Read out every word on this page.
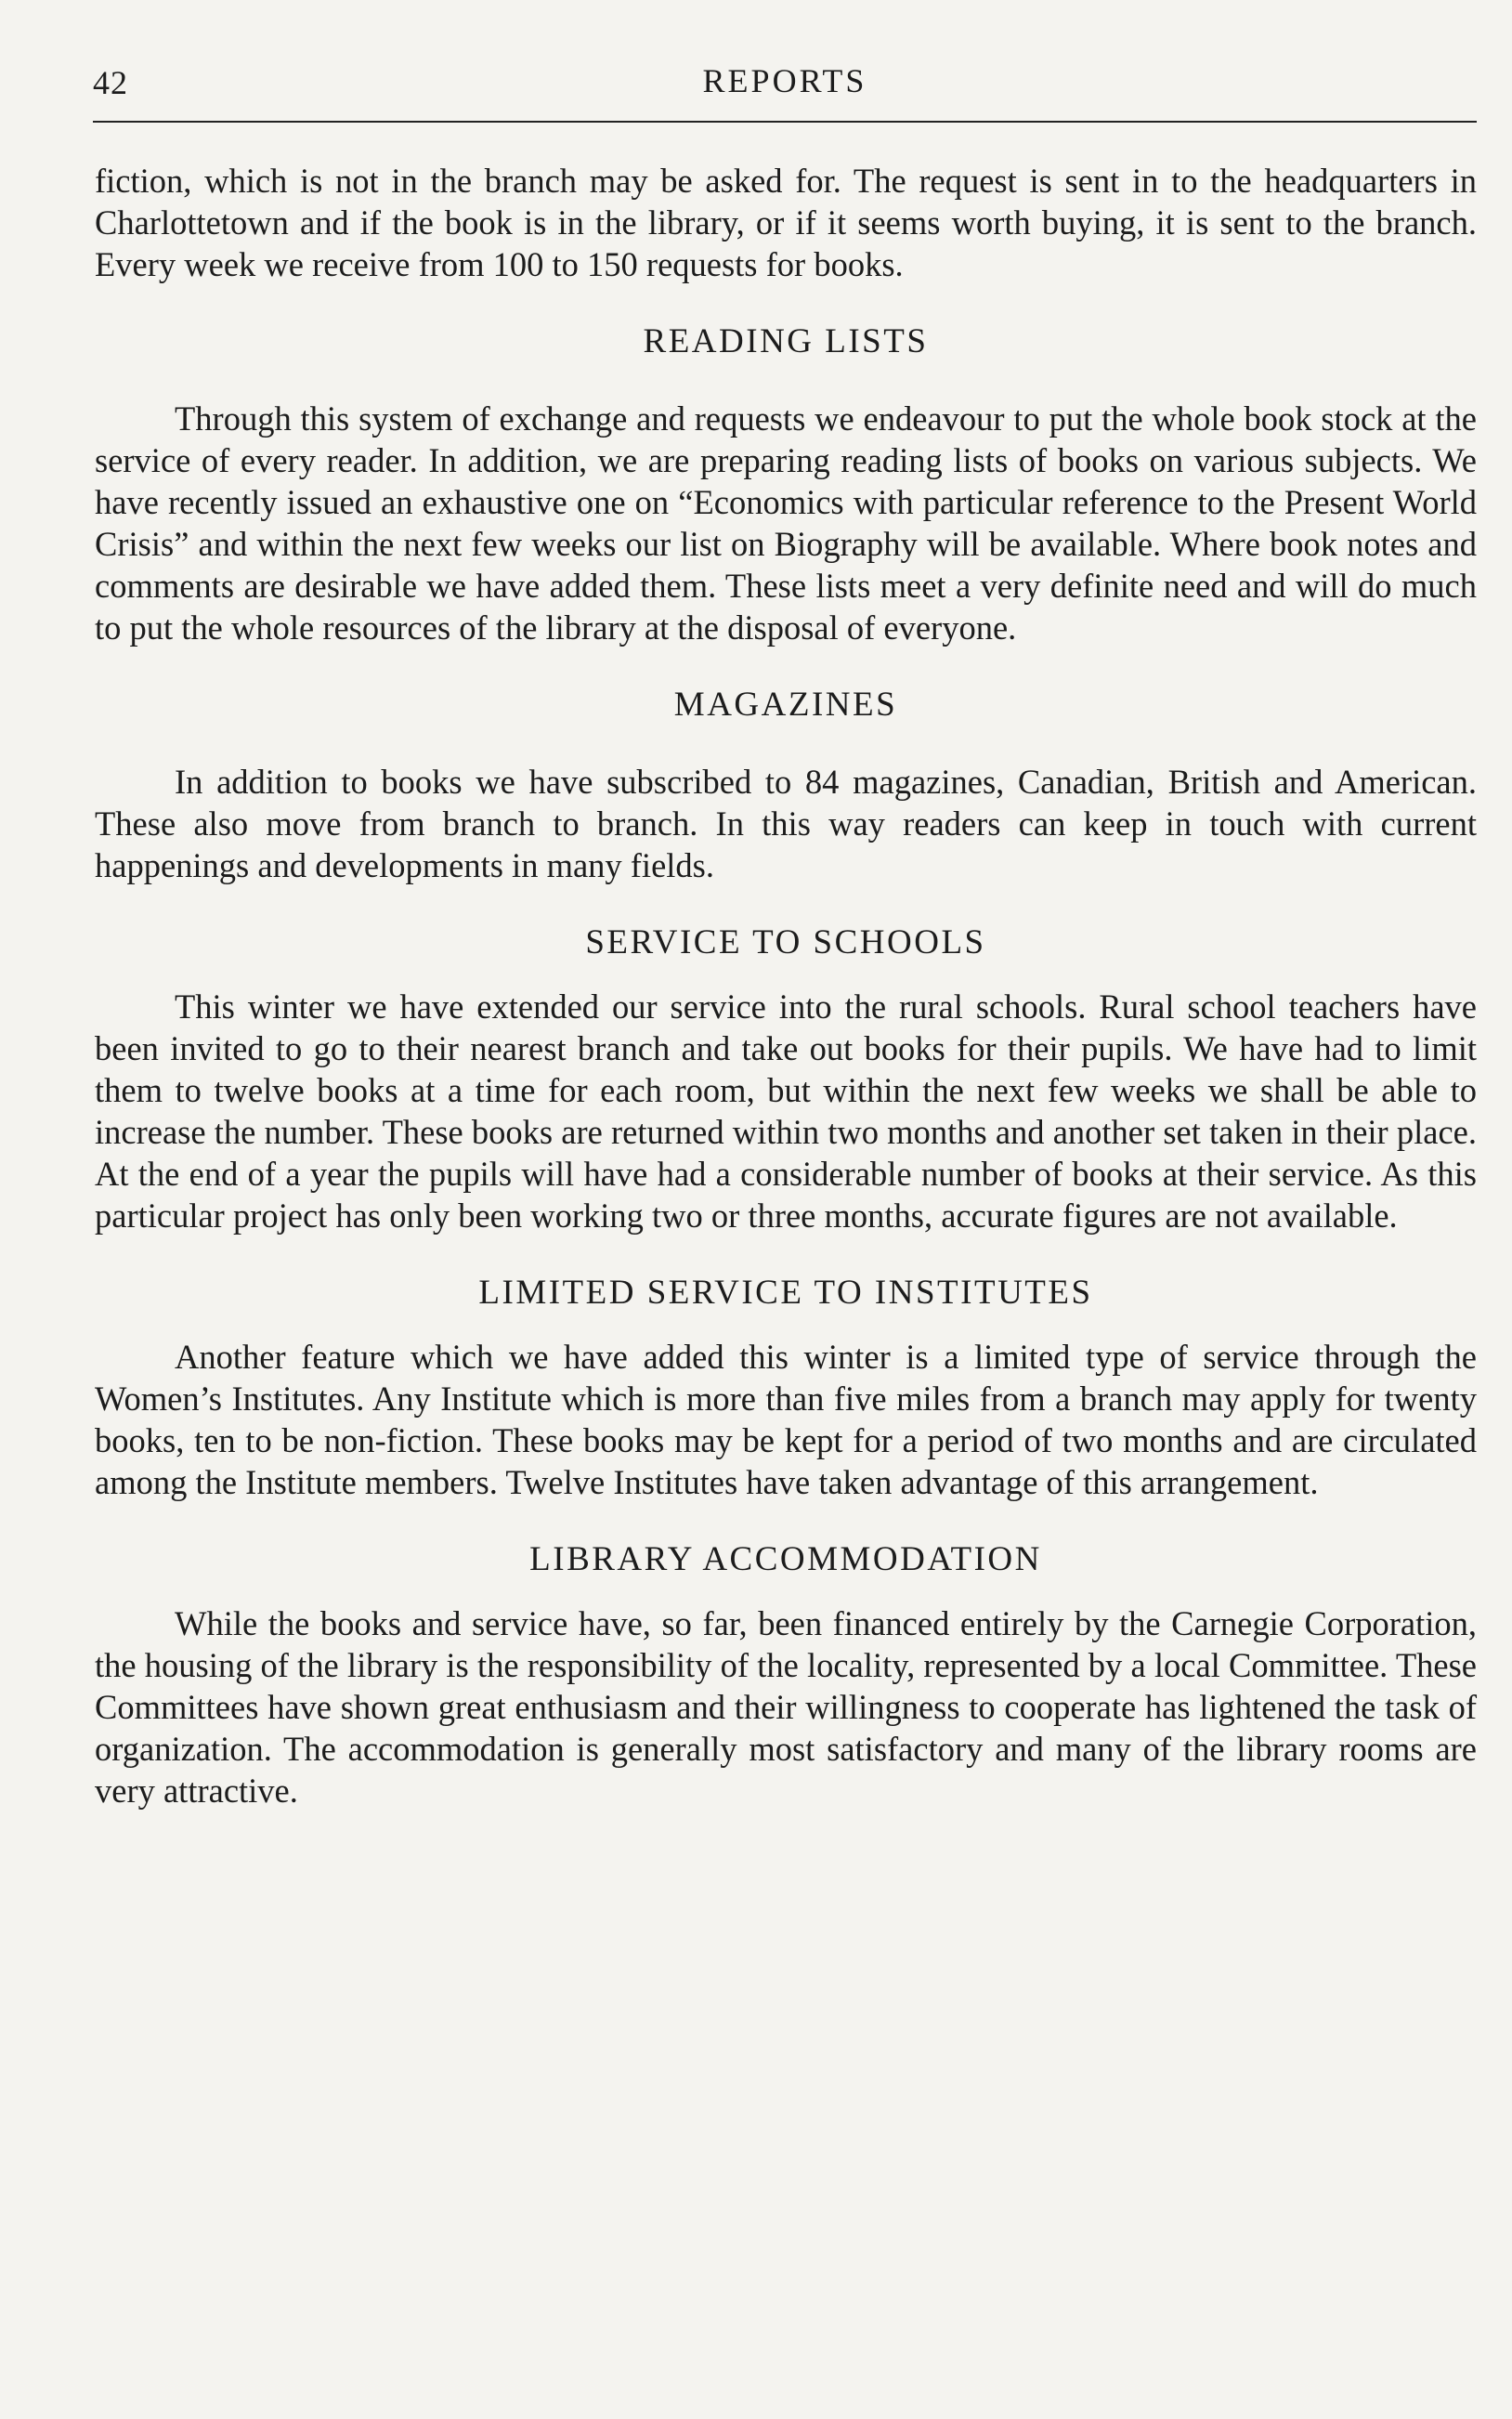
42	REPORTS

fiction, which is not in the branch may be asked for. The request is sent in to the headquarters in Charlottetown and if the book is in the library, or if it seems worth buying, it is sent to the branch. Every week we receive from 100 to 150 requests for books.

READING LISTS

Through this system of exchange and requests we endeavour to put the whole book stock at the service of every reader. In addition, we are preparing reading lists of books on various subjects. We have recently issued an exhaustive one on “Economics with particular reference to the Present World Crisis” and within the next few weeks our list on Biography will be available. Where book notes and comments are desirable we have added them. These lists meet a very definite need and will do much to put the whole resources of the library at the disposal of everyone.

MAGAZINES

In addition to books we have subscribed to 84 magazines, Canadian, British and American. These also move from branch to branch. In this way readers can keep in touch with current happenings and developments in many fields.

SERVICE TO SCHOOLS

This winter we have extended our service into the rural schools. Rural school teachers have been invited to go to their nearest branch and take out books for their pupils. We have had to limit them to twelve books at a time for each room, but within the next few weeks we shall be able to increase the number. These books are returned within two months and another set taken in their place. At the end of a year the pupils will have had a considerable number of books at their service. As this particular project has only been working two or three months, accurate figures are not available.

LIMITED SERVICE TO INSTITUTES

Another feature which we have added this winter is a limited type of service through the Women’s Institutes. Any Institute which is more than five miles from a branch may apply for twenty books, ten to be non-fiction. These books may be kept for a period of two months and are circulated among the Institute members. Twelve Institutes have taken advantage of this arrangement.

LIBRARY ACCOMMODATION

While the books and service have, so far, been financed entirely by the Carnegie Corporation, the housing of the library is the responsibility of the locality, represented by a local Committee. These Committees have shown great enthusiasm and their willingness to cooperate has lightened the task of organization. The accommodation is generally most satisfactory and many of the library rooms are very attractive.
